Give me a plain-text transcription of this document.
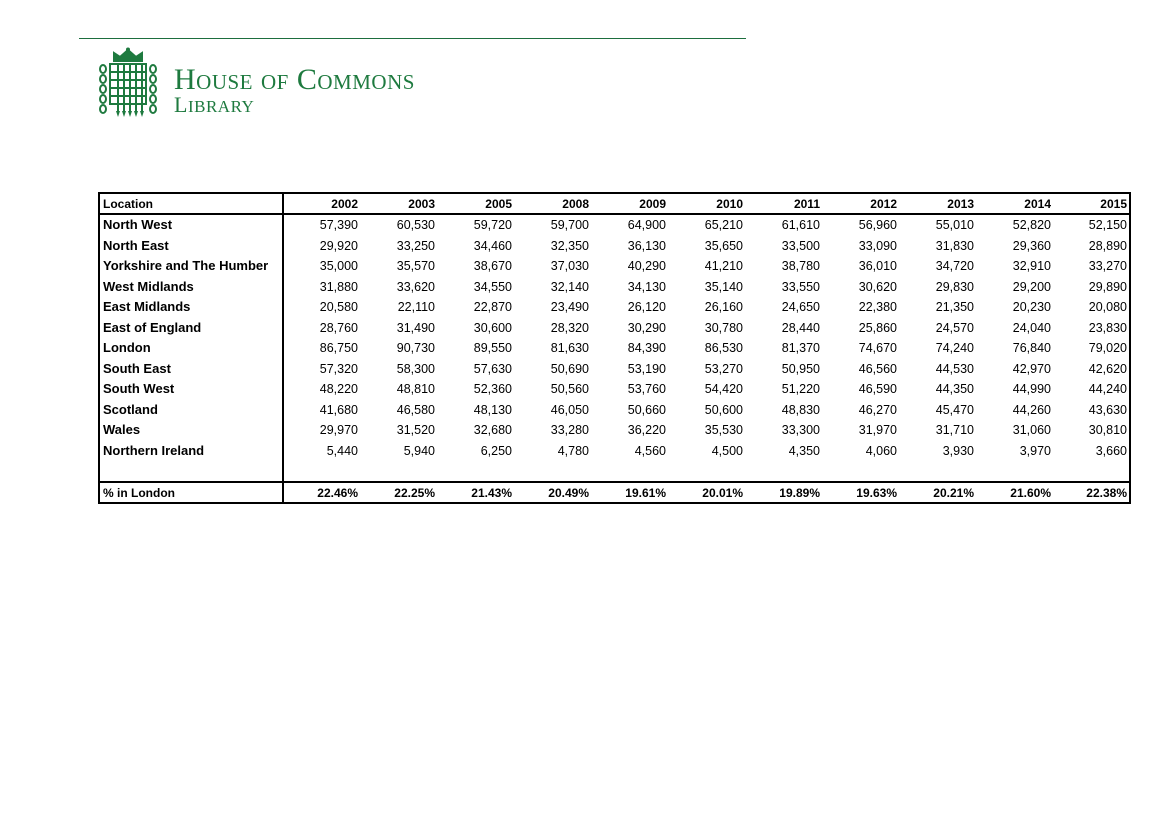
HOUSE OF COMMONS
LIBRARY
Location	2002	2003	2005	2008	2009	2010	2011	2012	2013	2014	2015
North West	57,390	60,530	59,720	59,700	64,900	65,210	61,610	56,960	55,010	52,820	52,150
North East	29,920	33,250	34,460	32,350	36,130	35,650	33,500	33,090	31,830	29,360	28,890
Yorkshire and The Humber	35,000	35,570	38,670	37,030	40,290	41,210	38,780	36,010	34,720	32,910	33,270
West Midlands	31,880	33,620	34,550	32,140	34,130	35,140	33,550	30,620	29,830	29,200	29,890
East Midlands	20,580	22,110	22,870	23,490	26,120	26,160	24,650	22,380	21,350	20,230	20,080
East of England	28,760	31,490	30,600	28,320	30,290	30,780	28,440	25,860	24,570	24,040	23,830
London	86,750	90,730	89,550	81,630	84,390	86,530	81,370	74,670	74,240	76,840	79,020
South East	57,320	58,300	57,630	50,690	53,190	53,270	50,950	46,560	44,530	42,970	42,620
South West	48,220	48,810	52,360	50,560	53,760	54,420	51,220	46,590	44,350	44,990	44,240
Scotland	41,680	46,580	48,130	46,050	50,660	50,600	48,830	46,270	45,470	44,260	43,630
Wales	29,970	31,520	32,680	33,280	36,220	35,530	33,300	31,970	31,710	31,060	30,810
Northern Ireland	5,440	5,940	6,250	4,780	4,560	4,500	4,350	4,060	3,930	3,970	3,660

% in London	22.46%	22.25%	21.43%	20.49%	19.61%	20.01%	19.89%	19.63%	20.21%	21.60%	22.38%
